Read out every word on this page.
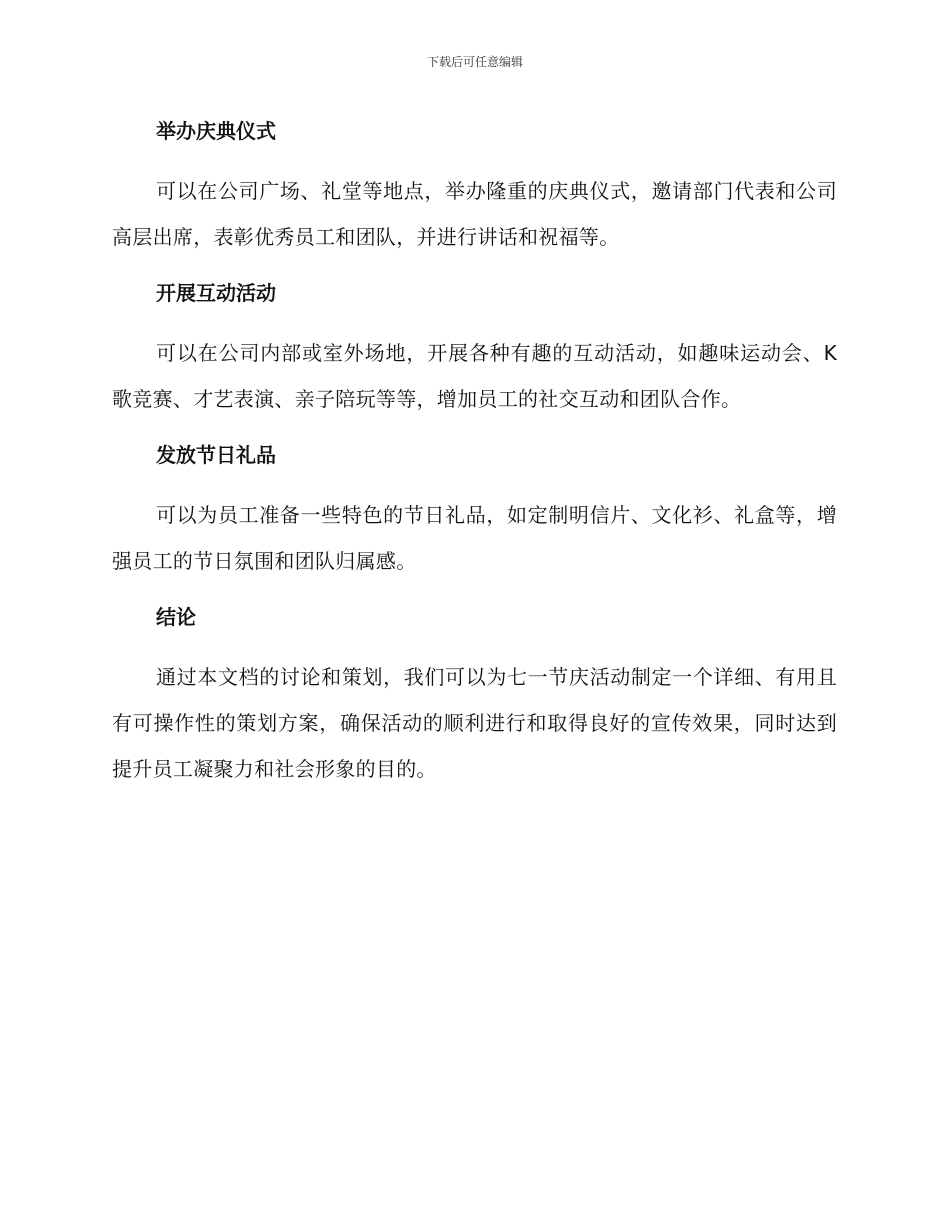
下载后可任意编辑
举办庆典仪式

可以在公司广场、礼堂等地点，举办隆重的庆典仪式，邀请部门代表和公司高层出席，表彰优秀员工和团队，并进行讲话和祝福等。

开展互动活动

可以在公司内部或室外场地，开展各种有趣的互动活动，如趣味运动会、K歌竞赛、才艺表演、亲子陪玩等等，增加员工的社交互动和团队合作。

发放节日礼品

可以为员工准备一些特色的节日礼品，如定制明信片、文化衫、礼盒等，增强员工的节日氛围和团队归属感。

结论

通过本文档的讨论和策划，我们可以为七一节庆活动制定一个详细、有用且有可操作性的策划方案，确保活动的顺利进行和取得良好的宣传效果，同时达到提升员工凝聚力和社会形象的目的。
